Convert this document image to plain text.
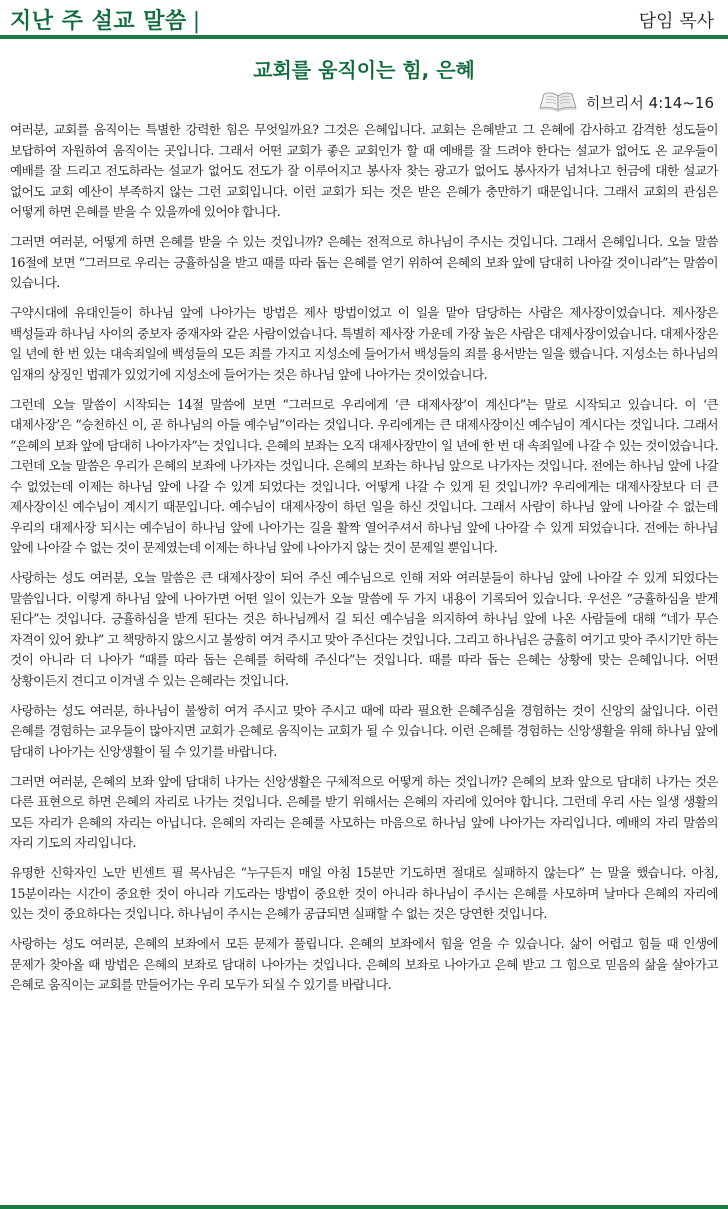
지난 주 설교 말씀 |	담임 목사
교회를 움직이는 힘, 은혜
히브리서 4:14~16

여러분, 교회를 움직이는 특별한 강력한 힘은 무엇일까요? 그것은 은혜입니다. 교회는 은혜받고 그 은혜에 감사하고 감격한 성도들이 보답하여 자원하여 움직이는 곳입니다. 그래서 어떤 교회가 좋은 교회인가 할 때 예배를 잘 드려야 한다는 설교가 없어도 온 교우들이 예배를 잘 드리고 전도하라는 설교가 없어도 전도가 잘 이루어지고 봉사자 찾는 광고가 없어도 봉사자가 넘쳐나고 헌금에 대한 설교가 없어도 교회 예산이 부족하지 않는 그런 교회입니다. 이런 교회가 되는 것은 받은 은혜가 충만하기 때문입니다. 그래서 교회의 관심은 어떻게 하면 은혜를 받을 수 있을까에 있어야 합니다.

그러면 여러분, 어떻게 하면 은혜를 받을 수 있는 것입니까? 은혜는 전적으로 하나님이 주시는 것입니다. 그래서 은혜입니다. 오늘 말씀 16절에 보면 “그러므로 우리는 긍휼하심을 받고 때를 따라 돕는 은혜를 얻기 위하여 은혜의 보좌 앞에 담대히 나아갈 것이니라”는 말씀이 있습니다.

구약시대에 유대인들이 하나님 앞에 나아가는 방법은 제사 방법이었고 이 일을 맡아 담당하는 사람은 제사장이었습니다. 제사장은 백성들과 하나님 사이의 중보자 중재자와 같은 사람이었습니다. 특별히 제사장 가운데 가장 높은 사람은 대제사장이었습니다. 대제사장은 일 년에 한 번 있는 대속죄일에 백성들의 모든 죄를 가지고 지성소에 들어가서 백성들의 죄를 용서받는 일을 했습니다. 지성소는 하나님의 임재의 상징인 법궤가 있었기에 지성소에 들어가는 것은 하나님 앞에 나아가는 것이었습니다.

그런데 오늘 말씀이 시작되는 14절 말씀에 보면 “그러므로 우리에게 ‘큰 대제사장’이 계신다”는 말로 시작되고 있습니다. 이 ‘큰 대제사장’은 “승천하신 이, 곧 하나님의 아들 예수님”이라는 것입니다. 우리에게는 큰 대제사장이신 예수님이 계시다는 것입니다. 그래서 “은혜의 보좌 앞에 담대히 나아가자”는 것입니다. 은혜의 보좌는 오직 대제사장만이 일 년에 한 번 대 속죄일에 나갈 수 있는 것이었습니다. 그런데 오늘 말씀은 우리가 은혜의 보좌에 나가자는 것입니다. 은혜의 보좌는 하나님 앞으로 나가자는 것입니다. 전에는 하나님 앞에 나갈 수 없었는데 이제는 하나님 앞에 나갈 수 있게 되었다는 것입니다. 어떻게 나갈 수 있게 된 것입니까? 우리에게는 대제사장보다 더 큰 제사장이신 예수님이 계시기 때문입니다. 예수님이 대제사장이 하던 일을 하신 것입니다. 그래서 사람이 하나님 앞에 나아갈 수 없는데 우리의 대제사장 되시는 예수님이 하나님 앞에 나아가는 길을 활짝 열어주셔서 하나님 앞에 나아갈 수 있게 되었습니다. 전에는 하나님 앞에 나아갈 수 없는 것이 문제였는데 이제는 하나님 앞에 나아가지 않는 것이 문제일 뿐입니다.

사랑하는 성도 여러분, 오늘 말씀은 큰 대제사장이 되어 주신 예수님으로 인해 저와 여러분들이 하나님 앞에 나아갈 수 있게 되었다는 말씀입니다. 이렇게 하나님 앞에 나아가면 어떤 일이 있는가 오늘 말씀에 두 가지 내용이 기록되어 있습니다. 우선은 “긍휼하심을 받게 된다”는 것입니다. 긍휼하심을 받게 된다는 것은 하나님께서 길 되신 예수님을 의지하여 하나님 앞에 나온 사람들에 대해 “네가 무슨 자격이 있어 왔냐” 고 책망하지 않으시고 불쌍히 여겨 주시고 맞아 주신다는 것입니다. 그리고 하나님은 긍휼히 여기고 맞아 주시기만 하는 것이 아니라 더 나아가 “때를 따라 돕는 은혜를 허락해 주신다”는 것입니다. 때를 따라 돕는 은혜는 상황에 맞는 은혜입니다. 어떤 상황이든지 견디고 이겨낼 수 있는 은혜라는 것입니다.

사랑하는 성도 여러분, 하나님이 불쌍히 여겨 주시고 맞아 주시고 때에 따라 필요한 은혜주심을 경험하는 것이 신앙의 삶입니다. 이런 은혜를 경험하는 교우들이 많아지면 교회가 은혜로 움직이는 교회가 될 수 있습니다. 이런 은혜를 경험하는 신앙생활을 위해 하나님 앞에 담대히 나아가는 신앙생활이 될 수 있기를 바랍니다.

그러면 여러분, 은혜의 보좌 앞에 담대히 나가는 신앙생활은 구체적으로 어떻게 하는 것입니까? 은혜의 보좌 앞으로 담대히 나가는 것은 다른 표현으로 하면 은혜의 자리로 나가는 것입니다. 은혜를 받기 위해서는 은혜의 자리에 있어야 합니다. 그런데 우리 사는 일생 생활의 모든 자리가 은혜의 자리는 아닙니다. 은혜의 자리는 은혜를 사모하는 마음으로 하나님 앞에 나아가는 자리입니다. 예배의 자리 말씀의 자리 기도의 자리입니다.

유명한 신학자인 노만 빈센트 필 목사님은 “누구든지 매일 아침 15분만 기도하면 절대로 실패하지 않는다” 는 말을 했습니다. 아침, 15분이라는 시간이 중요한 것이 아니라 기도라는 방법이 중요한 것이 아니라 하나님이 주시는 은혜를 사모하며 날마다 은혜의 자리에 있는 것이 중요하다는 것입니다. 하나님이 주시는 은혜가 공급되면 실패할 수 없는 것은 당연한 것입니다.

사랑하는 성도 여러분, 은혜의 보좌에서 모든 문제가 풀립니다. 은혜의 보좌에서 힘을 얻을 수 있습니다. 삶이 어렵고 힘들 때 인생에 문제가 찾아올 때 방법은 은혜의 보좌로 담대히 나아가는 것입니다. 은혜의 보좌로 나아가고 은혜 받고 그 힘으로 믿음의 삶을 살아가고 은혜로 움직이는 교회를 만들어가는 우리 모두가 되실 수 있기를 바랍니다.
